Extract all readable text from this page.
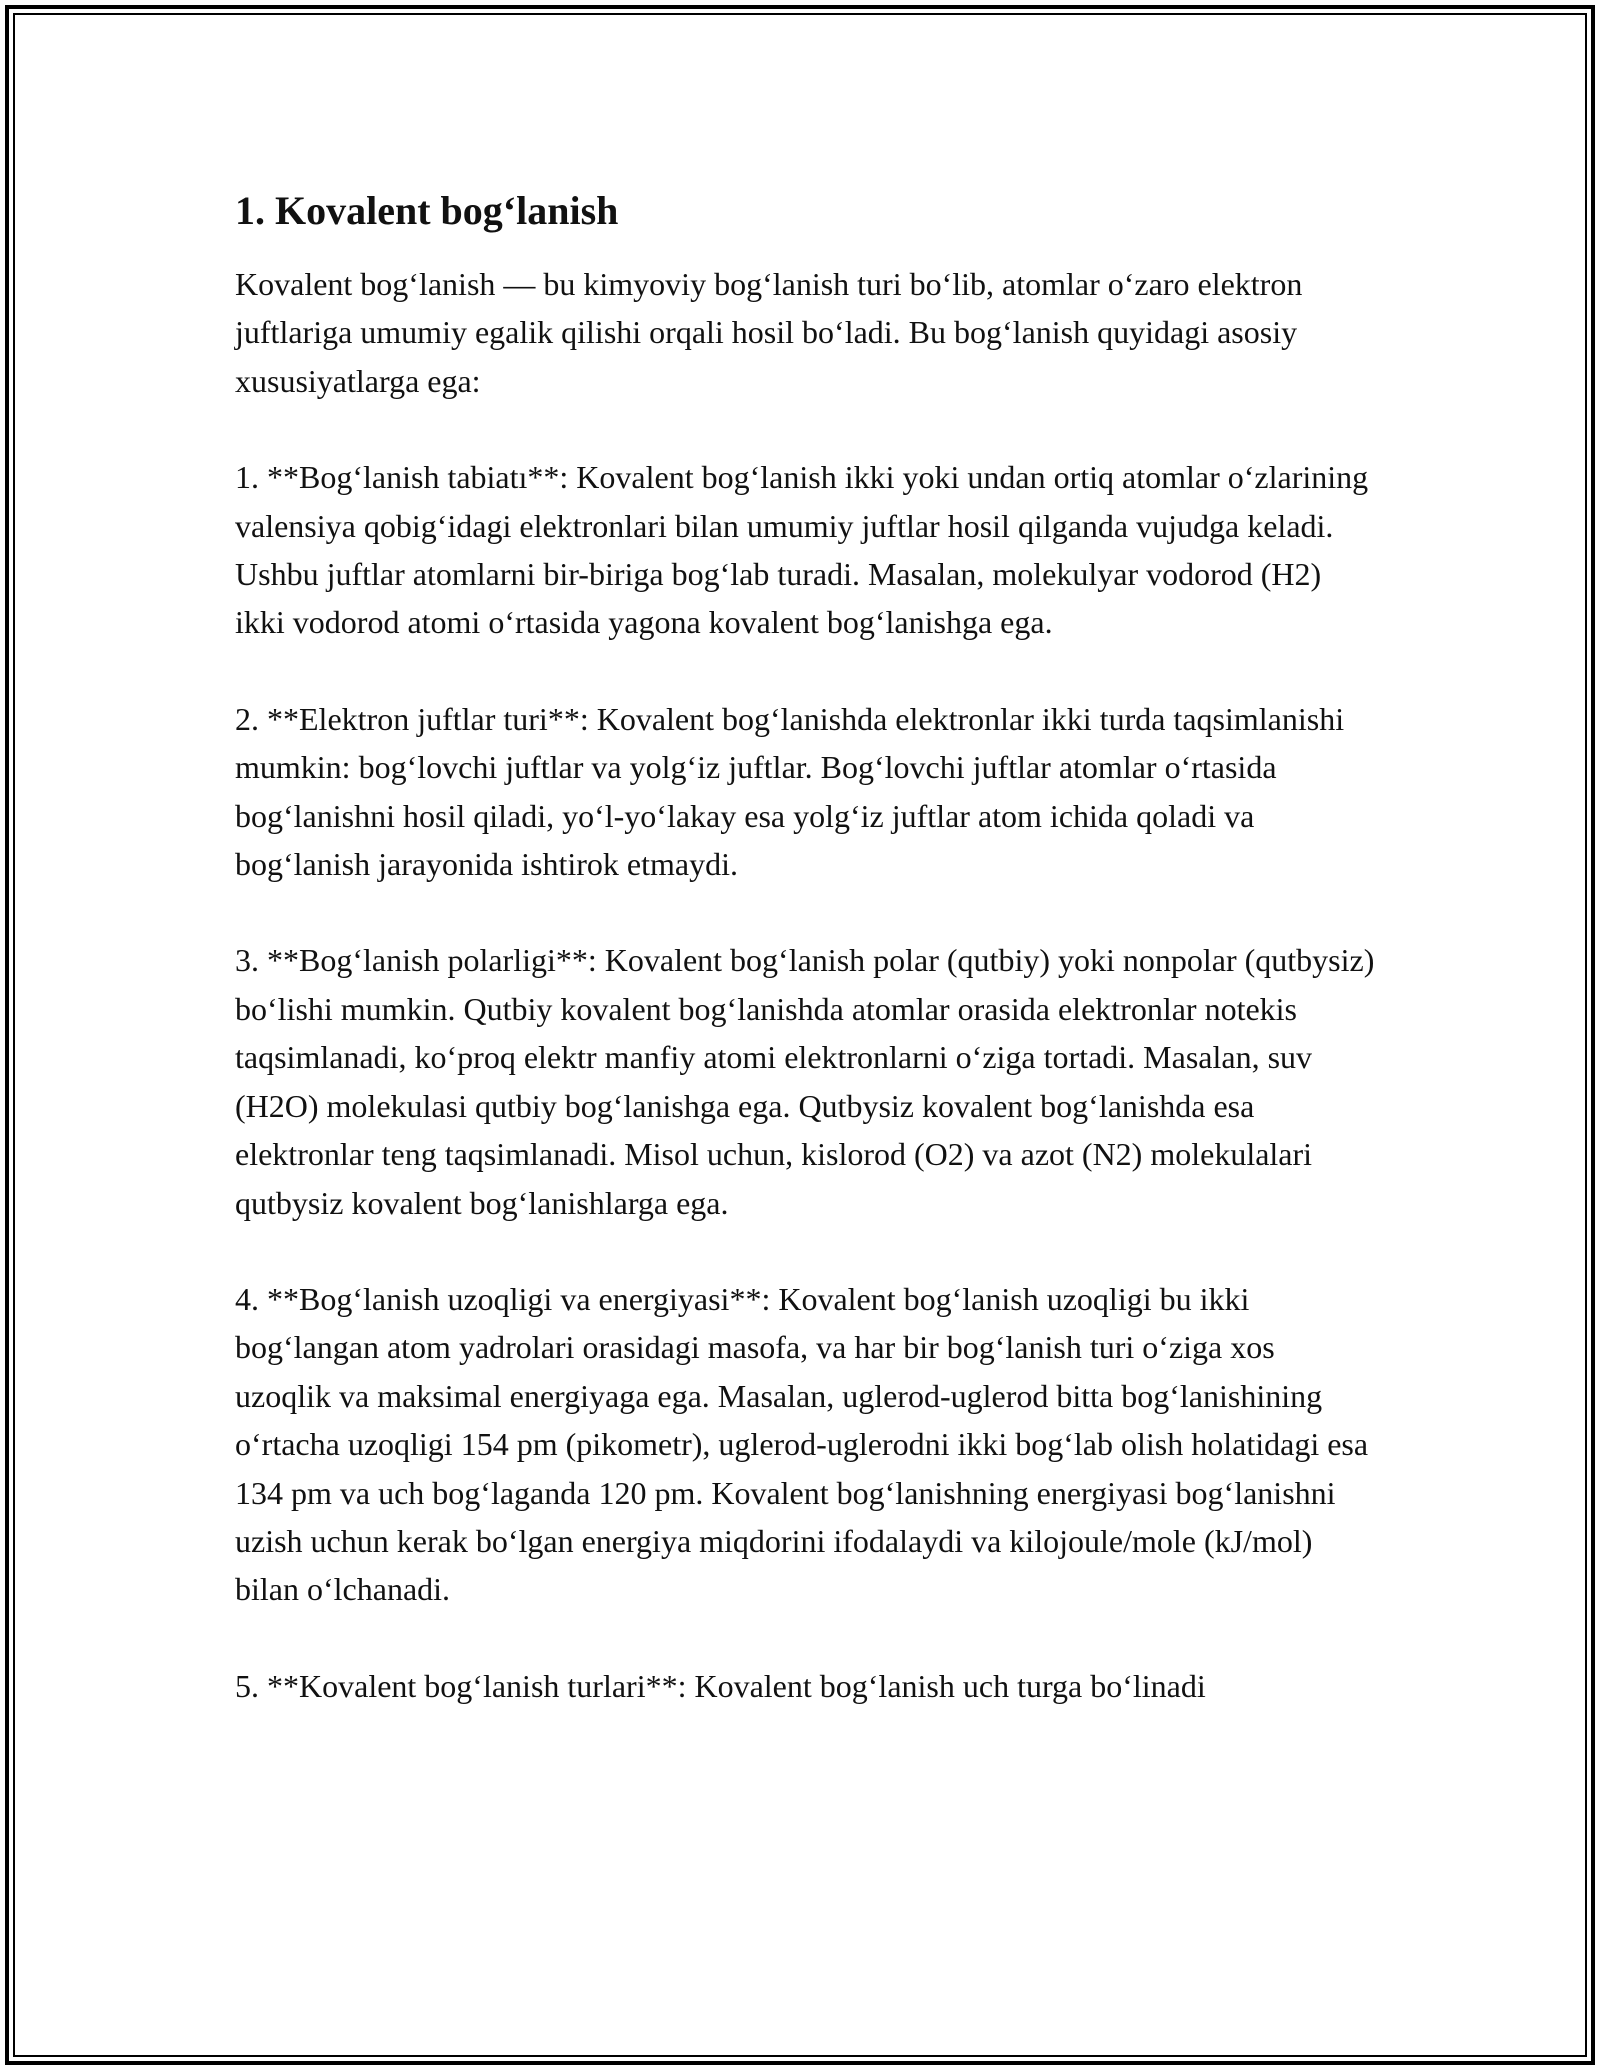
1. Kovalent bog‘lanish

Kovalent bog‘lanish — bu kimyoviy bog‘lanish turi bo‘lib, atomlar o‘zaro elektron juftlariga umumiy egalik qilishi orqali hosil bo‘ladi. Bu bog‘lanish quyidagi asosiy xususiyatlarga ega:

1. **Bog‘lanish tabiatı**: Kovalent bog‘lanish ikki yoki undan ortiq atomlar o‘zlarining valensiya qobig‘idagi elektronlari bilan umumiy juftlar hosil qilganda vujudga keladi. Ushbu juftlar atomlarni bir-biriga bog‘lab turadi. Masalan, molekulyar vodorod (H2) ikki vodorod atomi o‘rtasida yagona kovalent bog‘lanishga ega.

2. **Elektron juftlar turi**: Kovalent bog‘lanishda elektronlar ikki turda taqsimlanishi mumkin: bog‘lovchi juftlar va yolg‘iz juftlar. Bog‘lovchi juftlar atomlar o‘rtasida bog‘lanishni hosil qiladi, yo‘l-yo‘lakay esa yolg‘iz juftlar atom ichida qoladi va bog‘lanish jarayonida ishtirok etmaydi.

3. **Bog‘lanish polarligi**: Kovalent bog‘lanish polar (qutbiy) yoki nonpolar (qutbysiz) bo‘lishi mumkin. Qutbiy kovalent bog‘lanishda atomlar orasida elektronlar notekis taqsimlanadi, ko‘proq elektr manfiy atomi elektronlarni o‘ziga tortadi. Masalan, suv (H2O) molekulasi qutbiy bog‘lanishga ega. Qutbysiz kovalent bog‘lanishda esa elektronlar teng taqsimlanadi. Misol uchun, kislorod (O2) va azot (N2) molekulalari qutbysiz kovalent bog‘lanishlarga ega.

4. **Bog‘lanish uzoqligi va energiyasi**: Kovalent bog‘lanish uzoqligi bu ikki bog‘langan atom yadrolari orasidagi masofa, va har bir bog‘lanish turi o‘ziga xos uzoqlik va maksimal energiyaga ega. Masalan, uglerod-uglerod bitta bog‘lanishining o‘rtacha uzoqligi 154 pm (pikometr), uglerod-uglerodni ikki bog‘lab olish holatidagi esa 134 pm va uch bog‘laganda 120 pm. Kovalent bog‘lanishning energiyasi bog‘lanishni uzish uchun kerak bo‘lgan energiya miqdorini ifodalaydi va kilojoule/mole (kJ/mol) bilan o‘lchanadi.

5. **Kovalent bog‘lanish turlari**: Kovalent bog‘lanish uch turga bo‘linadi
